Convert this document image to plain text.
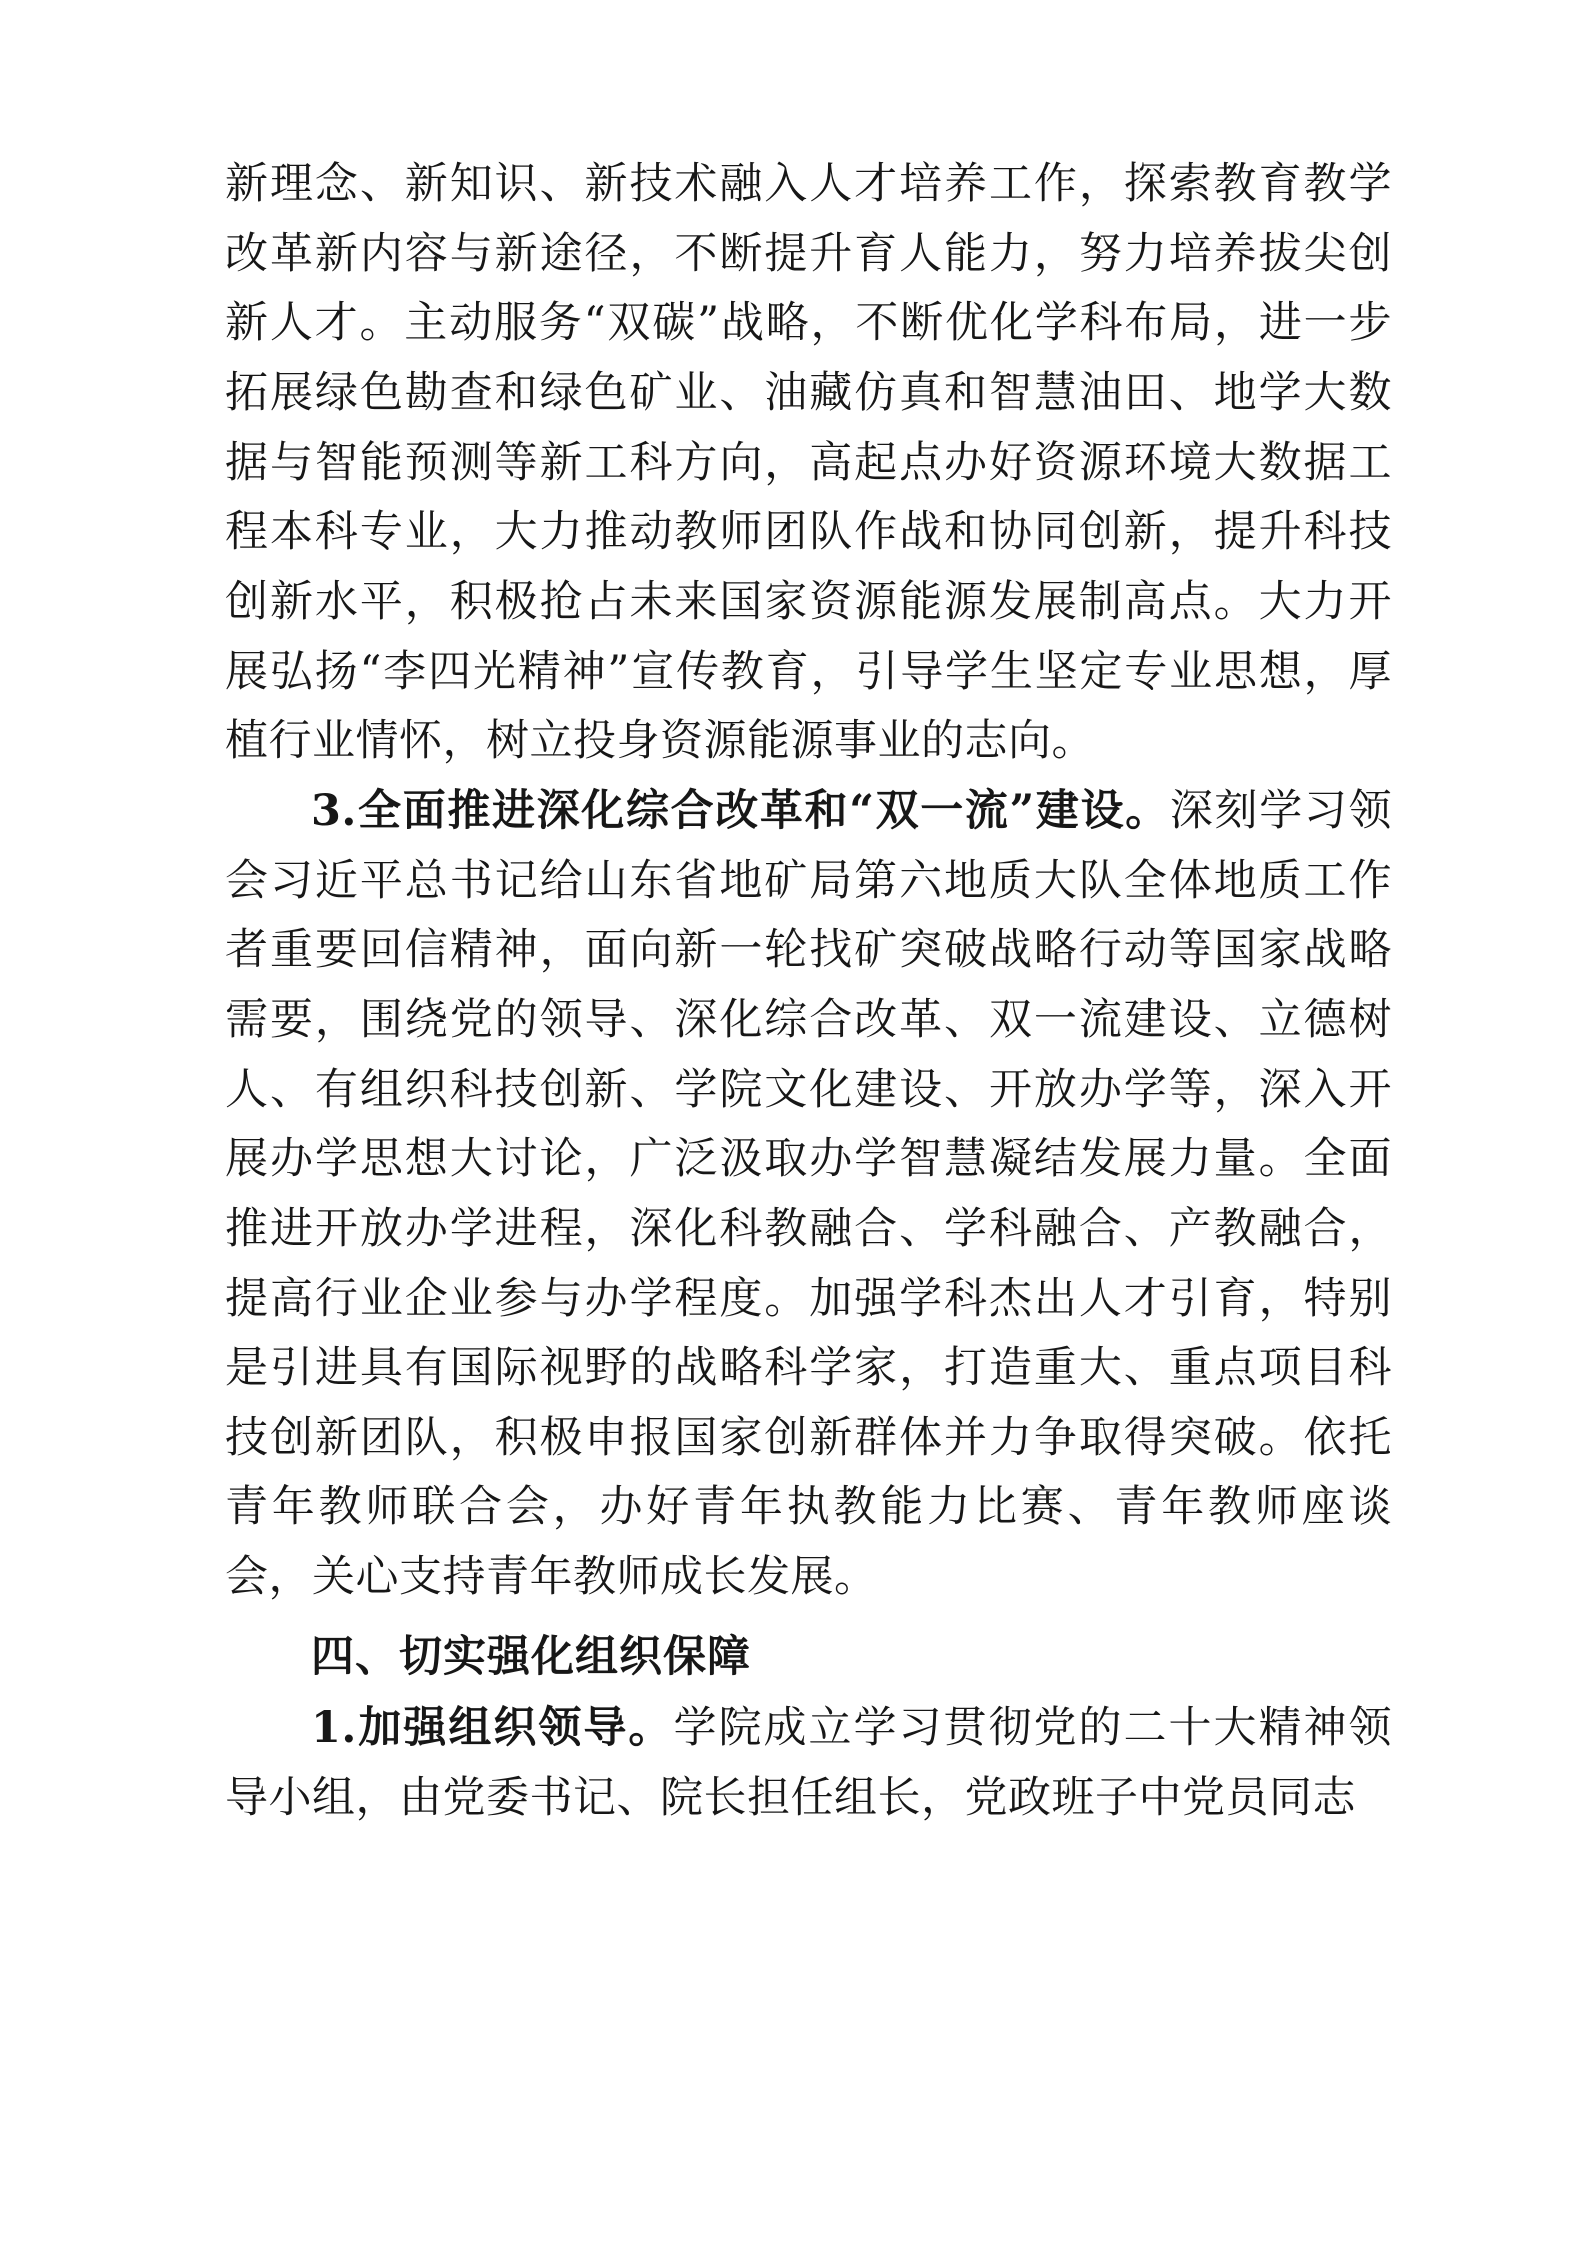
新理念、新知识、新技术融入人才培养工作，探索教育教学改革新内容与新途径，不断提升育人能力，努力培养拔尖创新人才。主动服务“双碳”战略，不断优化学科布局，进一步拓展绿色勘查和绿色矿业、油藏仿真和智慧油田、地学大数据与智能预测等新工科方向，高起点办好资源环境大数据工程本科专业，大力推动教师团队作战和协同创新，提升科技创新水平，积极抢占未来国家资源能源发展制高点。大力开展弘扬“李四光精神”宣传教育，引导学生坚定专业思想，厚植行业情怀，树立投身资源能源事业的志向。

3.全面推进深化综合改革和“双一流”建设。深刻学习领会习近平总书记给山东省地矿局第六地质大队全体地质工作者重要回信精神，面向新一轮找矿突破战略行动等国家战略需要，围绕党的领导、深化综合改革、双一流建设、立德树人、有组织科技创新、学院文化建设、开放办学等，深入开展办学思想大讨论，广泛汲取办学智慧凝结发展力量。全面推进开放办学进程，深化科教融合、学科融合、产教融合，提高行业企业参与办学程度。加强学科杰出人才引育，特别是引进具有国际视野的战略科学家，打造重大、重点项目科技创新团队，积极申报国家创新群体并力争取得突破。依托青年教师联合会，办好青年执教能力比赛、青年教师座谈会，关心支持青年教师成长发展。

四、切实强化组织保障

1.加强组织领导。学院成立学习贯彻党的二十大精神领导小组，由党委书记、院长担任组长，党政班子中党员同志
